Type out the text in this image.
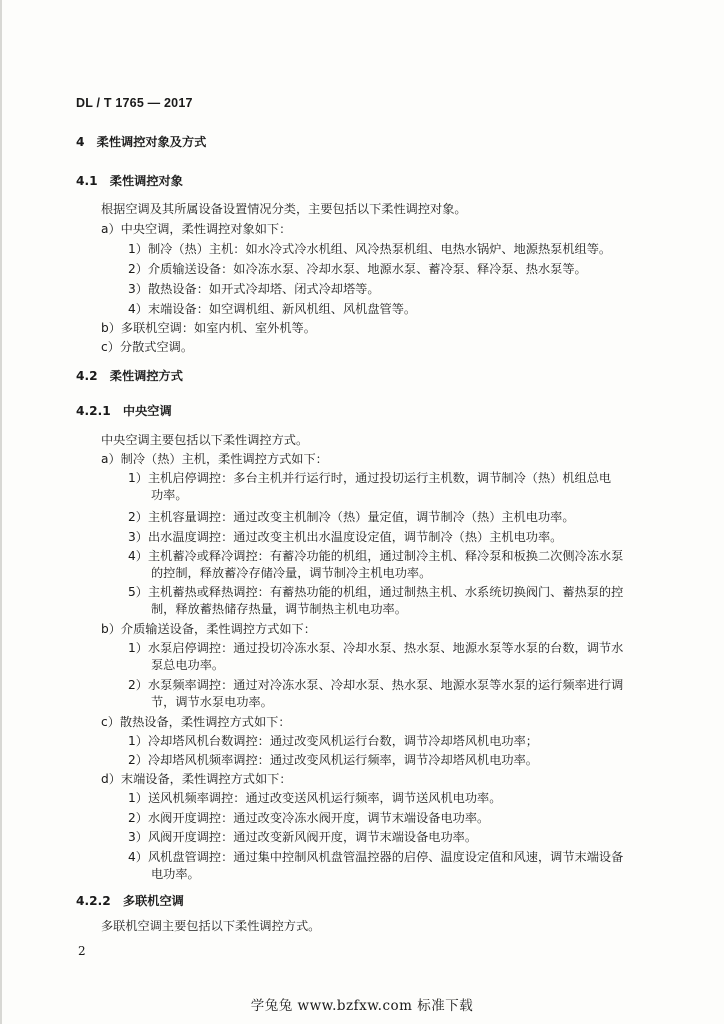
DL / T 1765 — 2017
4　柔性调控对象及方式
4.1　柔性调控对象
根据空调及其所属设备设置情况分类，主要包括以下柔性调控对象。
a）中央空调，柔性调控对象如下：
1）制冷（热）主机：如水冷式冷水机组、风冷热泵机组、电热水锅炉、地源热泵机组等。
2）介质输送设备：如冷冻水泵、冷却水泵、地源水泵、蓄冷泵、释冷泵、热水泵等。
3）散热设备：如开式冷却塔、闭式冷却塔等。
4）末端设备：如空调机组、新风机组、风机盘管等。
b）多联机空调：如室内机、室外机等。
c）分散式空调。
4.2　柔性调控方式
4.2.1　中央空调
中央空调主要包括以下柔性调控方式。
a）制冷（热）主机，柔性调控方式如下：
1）主机启停调控：多台主机并行运行时，通过投切运行主机数，调节制冷（热）机组总电
功率。
2）主机容量调控：通过改变主机制冷（热）量定值，调节制冷（热）主机电功率。
3）出水温度调控：通过改变主机出水温度设定值，调节制冷（热）主机电功率。
4）主机蓄冷或释冷调控：有蓄冷功能的机组，通过制冷主机、释冷泵和板换二次侧冷冻水泵
的控制，释放蓄冷存储冷量，调节制冷主机电功率。
5）主机蓄热或释热调控：有蓄热功能的机组，通过制热主机、水系统切换阀门、蓄热泵的控
制，释放蓄热储存热量，调节制热主机电功率。
b）介质输送设备，柔性调控方式如下：
1）水泵启停调控：通过投切冷冻水泵、冷却水泵、热水泵、地源水泵等水泵的台数，调节水
泵总电功率。
2）水泵频率调控：通过对冷冻水泵、冷却水泵、热水泵、地源水泵等水泵的运行频率进行调
节，调节水泵电功率。
c）散热设备，柔性调控方式如下：
1）冷却塔风机台数调控：通过改变风机运行台数，调节冷却塔风机电功率；
2）冷却塔风机频率调控：通过改变风机运行频率，调节冷却塔风机电功率。
d）末端设备，柔性调控方式如下：
1）送风机频率调控：通过改变送风机运行频率，调节送风机电功率。
2）水阀开度调控：通过改变冷冻水阀开度，调节末端设备电功率。
3）风阀开度调控：通过改变新风阀开度，调节末端设备电功率。
4）风机盘管调控：通过集中控制风机盘管温控器的启停、温度设定值和风速，调节末端设备
电功率。
4.2.2　多联机空调
多联机空调主要包括以下柔性调控方式。
2
学兔兔 www.bzfxw.com 标准下载
